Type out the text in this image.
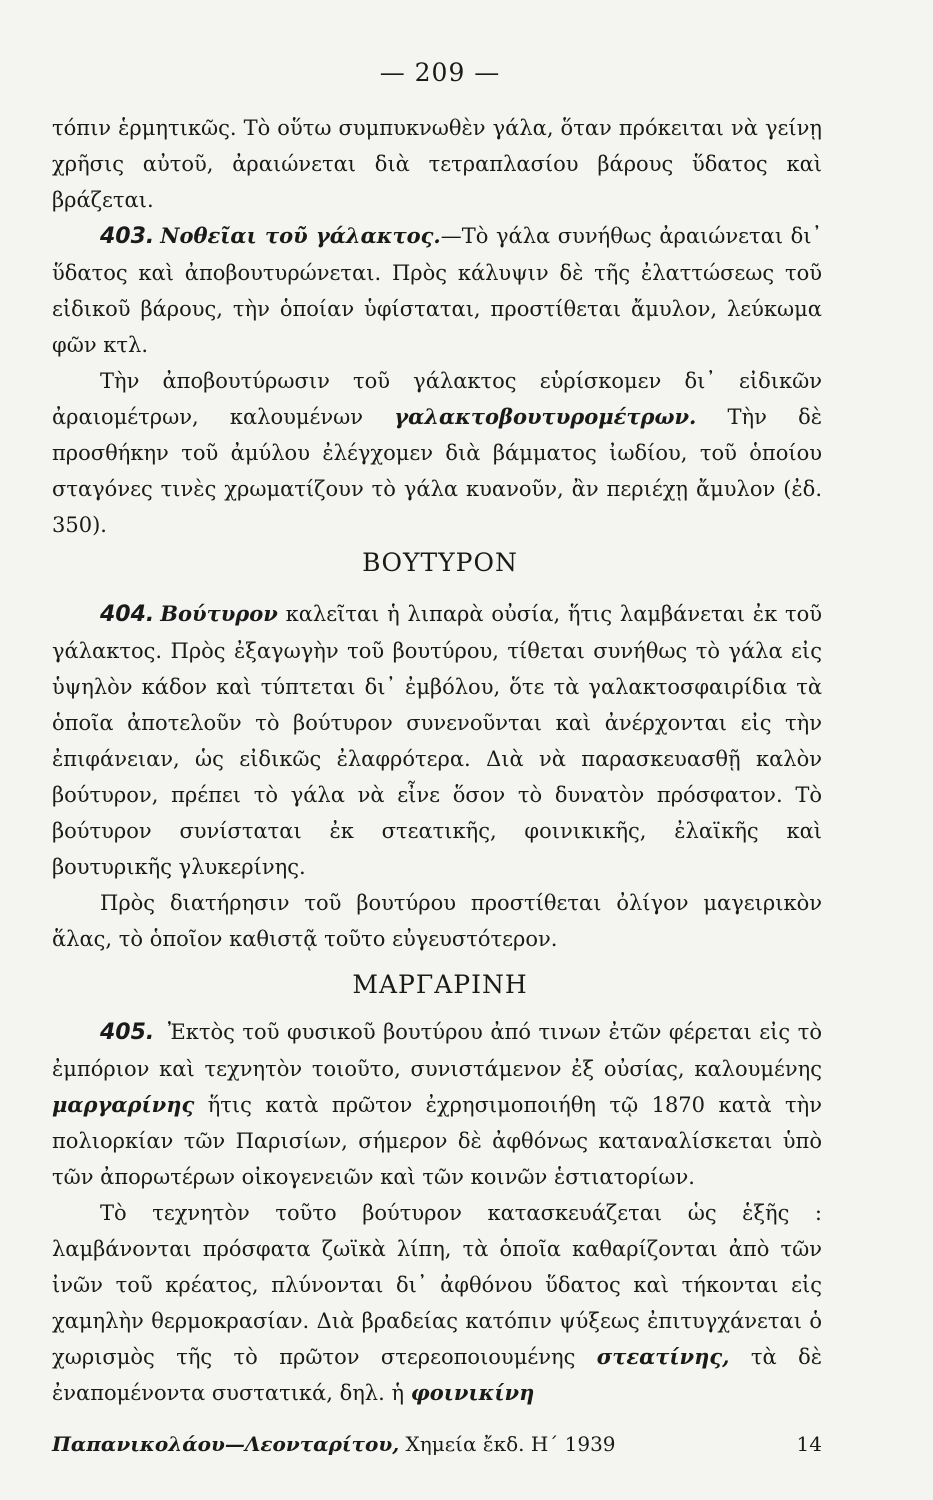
— 209 —

τόπιν ἑρμητικῶς. Τὸ οὕτω συμπυκνωθὲν γάλα, ὅταν πρόκειται νὰ γείνῃ χρῆσις αὐτοῦ, ἀραιώνεται διὰ τετραπλασίου βάρους ὕδατος καὶ βράζεται.

403. Νοθεῖαι τοῦ γάλακτος.—Τὸ γάλα συνήθως ἀραιώνεται δι᾽ ὕδατος καὶ ἀποβουτυρώνεται. Πρὸς κάλυψιν δὲ τῆς ἐλαττώσεως τοῦ εἰδικοῦ βάρους, τὴν ὁποίαν ὑφίσταται, προστίθεται ἄμυλον, λεύκωμα φῶν κτλ.

Τὴν ἀποβουτύρωσιν τοῦ γάλακτος εὑρίσκομεν δι᾽ εἰδικῶν ἀραιομέτρων, καλουμένων γαλακτοβουτυρομέτρων. Τὴν δὲ προσθήκην τοῦ ἀμύλου ἐλέγχομεν διὰ βάμματος ἰωδίου, τοῦ ὁποίου σταγόνες τινὲς χρωματίζουν τὸ γάλα κυανοῦν, ἂν περιέχῃ ἄμυλον (ἐδ. 350).

ΒΟΥΤΥΡΟΝ

404. Βούτυρον καλεῖται ἡ λιπαρὰ οὐσία, ἥτις λαμβάνεται ἐκ τοῦ γάλακτος. Πρὸς ἐξαγωγὴν τοῦ βουτύρου, τίθεται συνήθως τὸ γάλα εἰς ὑψηλὸν κάδον καὶ τύπτεται δι᾽ ἐμβόλου, ὅτε τὰ γαλακτοσφαιρίδια τὰ ὁποῖα ἀποτελοῦν τὸ βούτυρον συνενοῦνται καὶ ἀνέρχονται εἰς τὴν ἐπιφάνειαν, ὡς εἰδικῶς ἐλαφρότερα. Διὰ νὰ παρασκευασθῇ καλὸν βούτυρον, πρέπει τὸ γάλα νὰ εἶνε ὅσον τὸ δυνατὸν πρόσφατον. Τὸ βούτυρον συνίσταται ἐκ στεατικῆς, φοινικικῆς, ἐλαϊκῆς καὶ βουτυρικῆς γλυκερίνης.

Πρὸς διατήρησιν τοῦ βουτύρου προστίθεται ὀλίγον μαγειρικὸν ἅλας, τὸ ὁποῖον καθιστᾷ τοῦτο εὐγευστότερον.

ΜΑΡΓΑΡΙΝΗ

405. Ἐκτὸς τοῦ φυσικοῦ βουτύρου ἀπό τινων ἐτῶν φέρεται εἰς τὸ ἐμπόριον καὶ τεχνητὸν τοιοῦτο, συνιστάμενον ἐξ οὐσίας, καλουμένης μαργαρίνης ἥτις κατὰ πρῶτον ἐχρησιμοποιήθη τῷ 1870 κατὰ τὴν πολιορκίαν τῶν Παρισίων, σήμερον δὲ ἀφθόνως καταναλίσκεται ὑπὸ τῶν ἀπορωτέρων οἰκογενειῶν καὶ τῶν κοινῶν ἑστιατορίων.

Τὸ τεχνητὸν τοῦτο βούτυρον κατασκευάζεται ὡς ἑξῆς : λαμβάνονται πρόσφατα ζωϊκὰ λίπη, τὰ ὁποῖα καθαρίζονται ἀπὸ τῶν ἰνῶν τοῦ κρέατος, πλύνονται δι᾽ ἀφθόνου ὕδατος καὶ τήκονται εἰς χαμηλὴν θερμοκρασίαν. Διὰ βραδείας κατόπιν ψύξεως ἐπιτυγχάνεται ὁ χωρισμὸς τῆς τὸ πρῶτον στερεοποιουμένης στεατίνης, τὰ δὲ ἐναπομένοντα συστατικά, δηλ. ἡ φοινικίνη

Παπανικολάου—Λεονταρίτου, Χημεία ἔκδ. Η΄ 1939	14
